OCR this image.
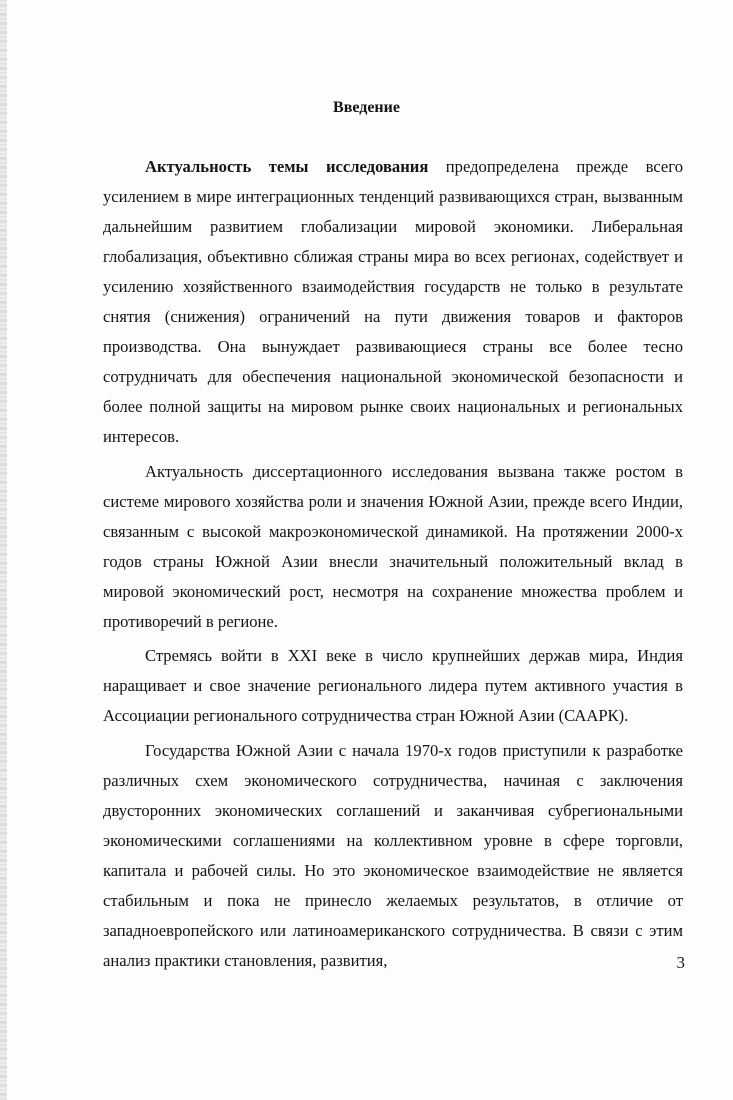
Введение

Актуальность темы исследования предопределена прежде всего усилением в мире интеграционных тенденций развивающихся стран, вызванным дальнейшим развитием глобализации мировой экономики. Либеральная глобализация, объективно сближая страны мира во всех регионах, содействует и усилению хозяйственного взаимодействия государств не только в результате снятия (снижения) ограничений на пути движения товаров и факторов производства. Она вынуждает развивающиеся страны все более тесно сотрудничать для обеспечения национальной экономической безопасности и более полной защиты на мировом рынке своих национальных и региональных интересов.

Актуальность диссертационного исследования вызвана также ростом в системе мирового хозяйства роли и значения Южной Азии, прежде всего Индии, связанным с высокой макроэкономической динамикой. На протяжении 2000-х годов страны Южной Азии внесли значительный положительный вклад в мировой экономический рост, несмотря на сохранение множества проблем и противоречий в регионе.

Стремясь войти в XXI веке в число крупнейших держав мира, Индия наращивает и свое значение регионального лидера путем активного участия в Ассоциации регионального сотрудничества стран Южной Азии (СААРК).

Государства Южной Азии с начала 1970-х годов приступили к разработке различных схем экономического сотрудничества, начиная с заключения двусторонних экономических соглашений и заканчивая субрегиональными экономическими соглашениями на коллективном уровне в сфере торговли, капитала и рабочей силы. Но это экономическое взаимодействие не является стабильным и пока не принесло желаемых результатов, в отличие от западноевропейского или латиноамериканского сотрудничества. В связи с этим анализ практики становления, развития,	3
